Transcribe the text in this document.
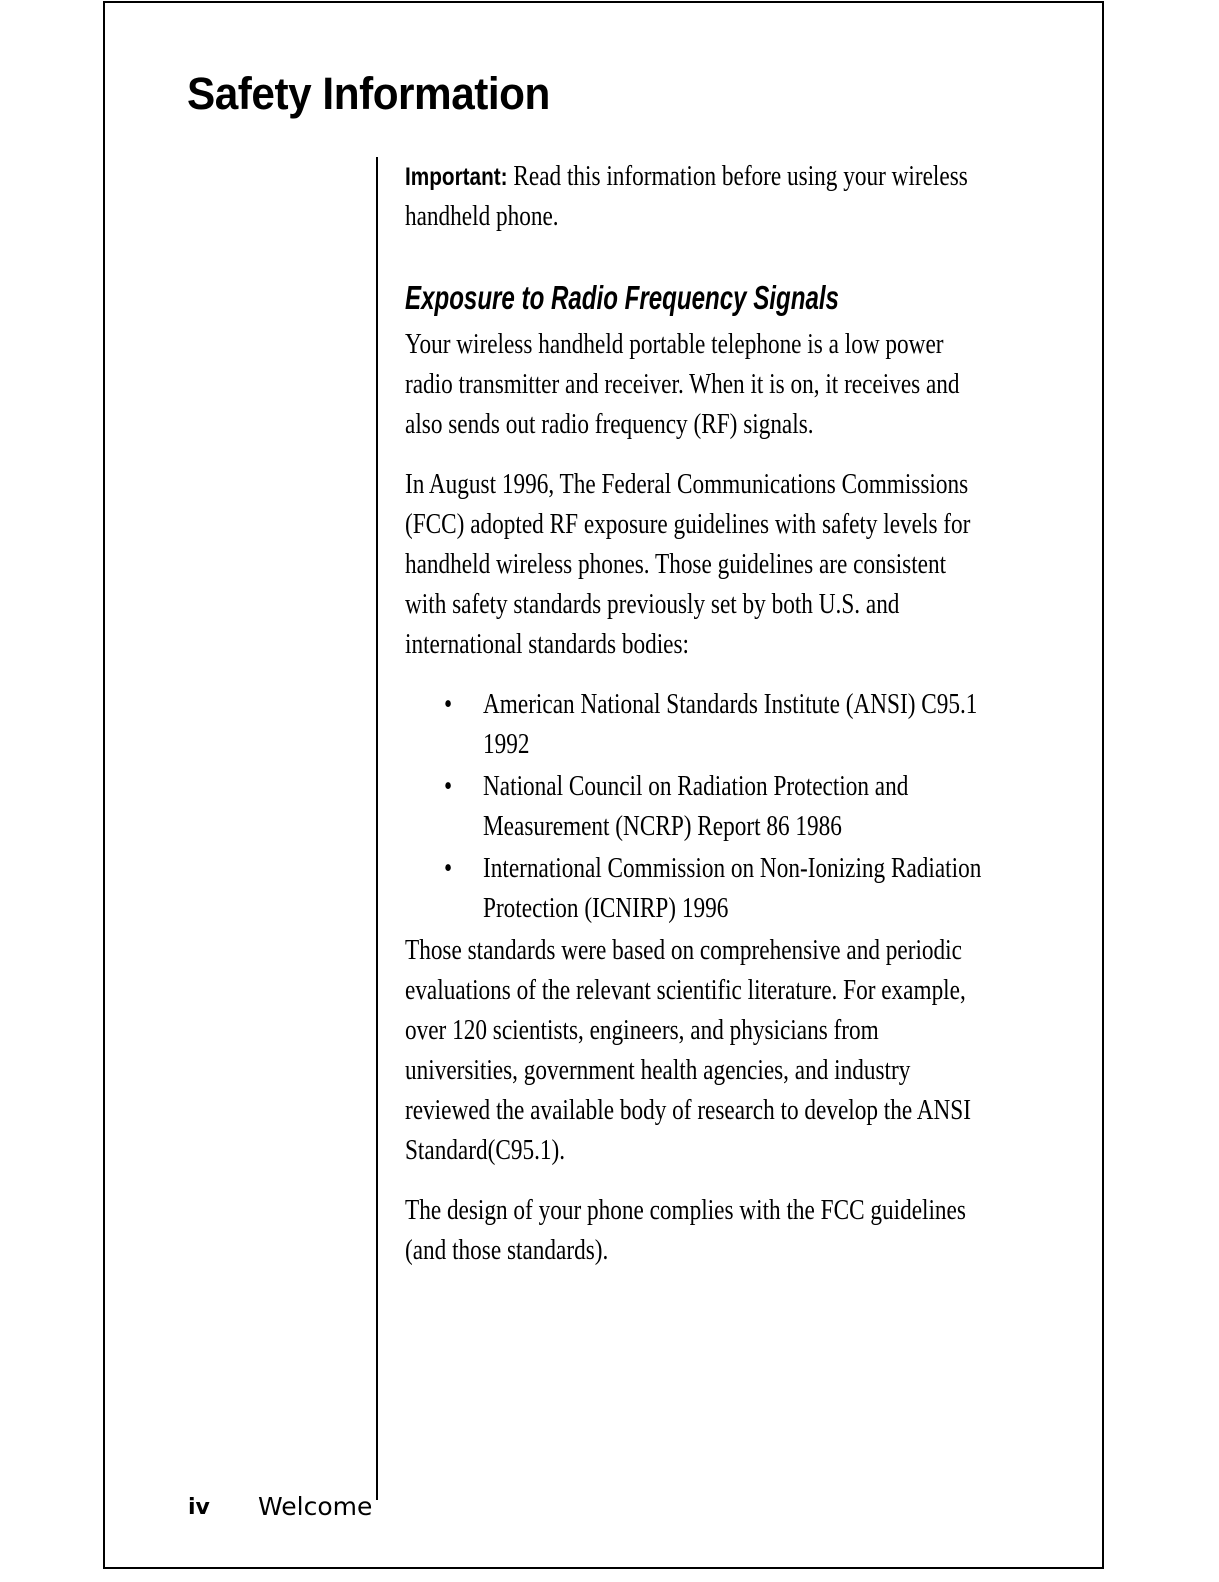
Safety Information

Important: Read this information before using your wireless handheld phone.

Exposure to Radio Frequency Signals

Your wireless handheld portable telephone is a low power radio transmitter and receiver. When it is on, it receives and also sends out radio frequency (RF) signals.

In August 1996, The Federal Communications Commissions (FCC) adopted RF exposure guidelines with safety levels for handheld wireless phones. Those guidelines are consistent with safety standards previously set by both U.S. and international standards bodies:

• American National Standards Institute (ANSI) C95.1 1992
• National Council on Radiation Protection and Measurement (NCRP) Report 86 1986
• International Commission on Non-Ionizing Radiation Protection (ICNIRP) 1996

Those standards were based on comprehensive and periodic evaluations of the relevant scientific literature. For example, over 120 scientists, engineers, and physicians from universities, government health agencies, and industry reviewed the available body of research to develop the ANSI Standard(C95.1).

The design of your phone complies with the FCC guidelines (and those standards).

iv Welcome
